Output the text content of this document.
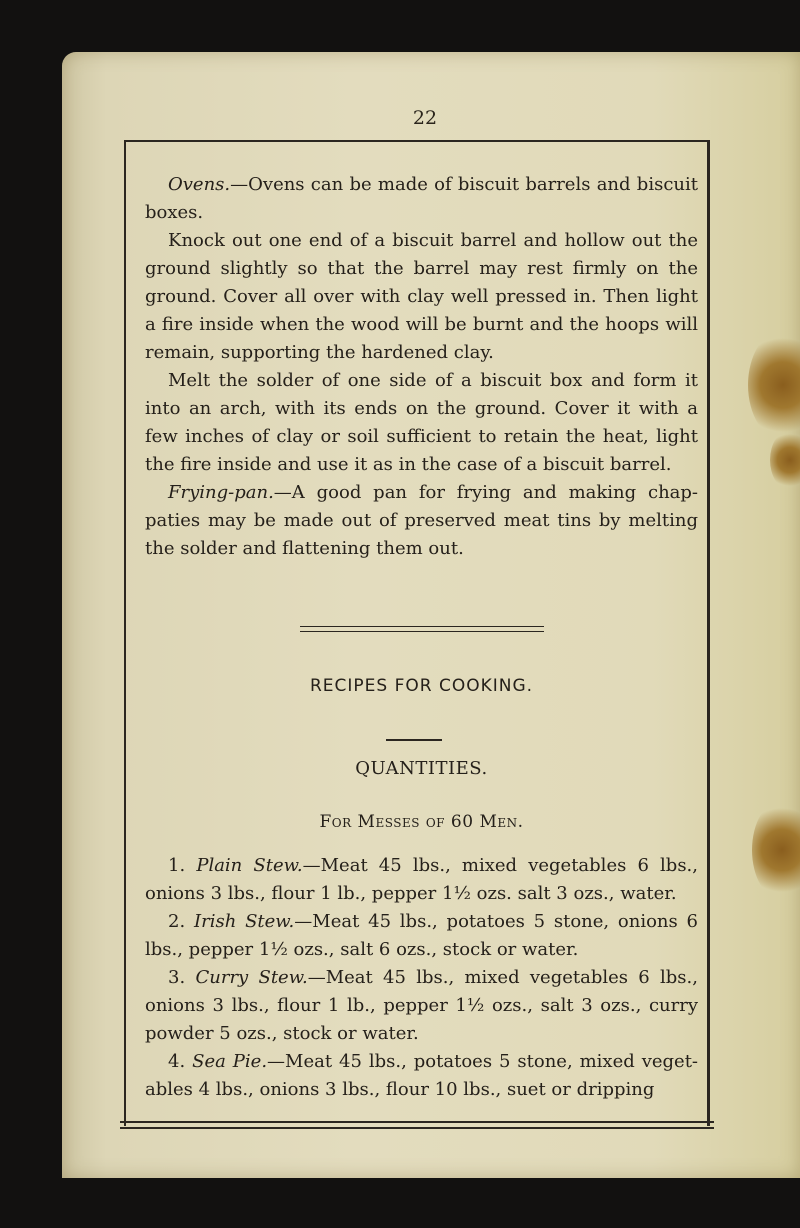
22

Ovens.—Ovens can be made of biscuit barrels and biscuit boxes.

Knock out one end of a biscuit barrel and hollow out the ground slightly so that the barrel may rest firmly on the ground. Cover all over with clay well pressed in. Then light a fire inside when the wood will be burnt and the hoops will remain, supporting the hardened clay.

Melt the solder of one side of a biscuit box and form it into an arch, with its ends on the ground. Cover it with a few inches of clay or soil sufficient to retain the heat, light the fire inside and use it as in the case of a biscuit barrel.

Frying-pan.—A good pan for frying and making chap-paties may be made out of preserved meat tins by melting the solder and flattening them out.

RECIPES FOR COOKING.
QUANTITIES.
For Messes of 60 Men.

1. Plain Stew.—Meat 45 lbs., mixed vegetables 6 lbs., onions 3 lbs., flour 1 lb., pepper 1½ ozs. salt 3 ozs., water.

2. Irish Stew.—Meat 45 lbs., potatoes 5 stone, onions 6 lbs., pepper 1½ ozs., salt 6 ozs., stock or water.

3. Curry Stew.—Meat 45 lbs., mixed vegetables 6 lbs., onions 3 lbs., flour 1 lb., pepper 1½ ozs., salt 3 ozs., curry powder 5 ozs., stock or water.

4. Sea Pie.—Meat 45 lbs., potatoes 5 stone, mixed veget-ables 4 lbs., onions 3 lbs., flour 10 lbs., suet or dripping
